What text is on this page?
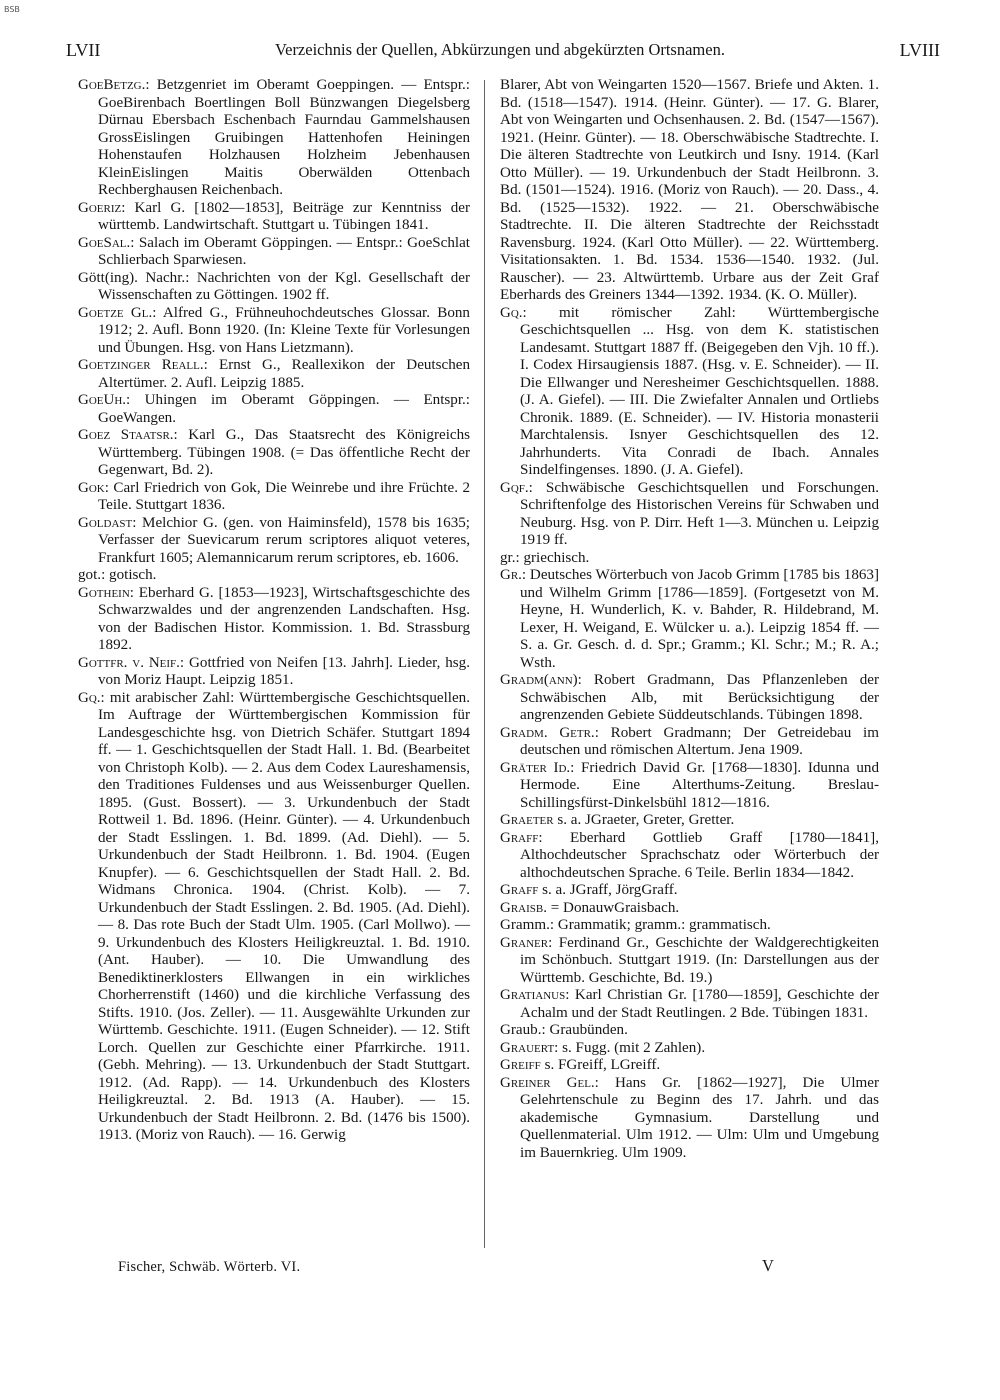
BSB
LVII	Verzeichnis der Quellen, Abkürzungen und abgekürzten Ortsnamen.	LVIII

GoeBetzg.: Betzgenriet im Oberamt Goeppingen. — Entspr.: GoeBirenbach Boertlingen Boll Bünzwangen Diegelsberg Dürnau Ebersbach Eschenbach Faurndau Gammelshausen GrossEislingen Gruibingen Hattenhofen Heiningen Hohenstaufen Holzhausen Holzheim Jebenhausen KleinEislingen Maitis Oberwälden Ottenbach Rechberghausen Reichenbach.

Goeriz: Karl G. [1802—1853], Beiträge zur Kenntniss der württemb. Landwirtschaft. Stuttgart u. Tübingen 1841.

GoeSal.: Salach im Oberamt Göppingen. — Entspr.: GoeSchlat Schlierbach Sparwiesen.

Gött(ing). Nachr.: Nachrichten von der Kgl. Gesellschaft der Wissenschaften zu Göttingen. 1902 ff.

Goetze Gl.: Alfred G., Frühneuhochdeutsches Glossar. Bonn 1912; 2. Aufl. Bonn 1920. (In: Kleine Texte für Vorlesungen und Übungen. Hsg. von Hans Lietzmann).

Goetzinger Reall.: Ernst G., Reallexikon der Deutschen Altertümer. 2. Aufl. Leipzig 1885.

GoeUh.: Uhingen im Oberamt Göppingen. — Entspr.: GoeWangen.

Goez Staatsr.: Karl G., Das Staatsrecht des Königreichs Württemberg. Tübingen 1908. (= Das öffentliche Recht der Gegenwart, Bd. 2).

Gok: Carl Friedrich von Gok, Die Weinrebe und ihre Früchte. 2 Teile. Stuttgart 1836.

Goldast: Melchior G. (gen. von Haiminsfeld), 1578 bis 1635; Verfasser der Suevicarum rerum scriptores aliquot veteres, Frankfurt 1605; Alemannicarum rerum scriptores, eb. 1606.

got.: gotisch.

Gothein: Eberhard G. [1853—1923], Wirtschaftsgeschichte des Schwarzwaldes und der angrenzenden Landschaften. Hsg. von der Badischen Histor. Kommission. 1. Bd. Strassburg 1892.

Gottfr. v. Neif.: Gottfried von Neifen [13. Jahrh]. Lieder, hsg. von Moriz Haupt. Leipzig 1851.

Gq.: mit arabischer Zahl: Württembergische Geschichtsquellen. Im Auftrage der Württembergischen Kommission für Landesgeschichte hsg. von Dietrich Schäfer. Stuttgart 1894 ff. — 1. Geschichtsquellen der Stadt Hall. 1. Bd. (Bearbeitet von Christoph Kolb). — 2. Aus dem Codex Laureshamensis, den Traditiones Fuldenses und aus Weissenburger Quellen. 1895. (Gust. Bossert). — 3. Urkundenbuch der Stadt Rottweil 1. Bd. 1896. (Heinr. Günter). — 4. Urkundenbuch der Stadt Esslingen. 1. Bd. 1899. (Ad. Diehl). — 5. Urkundenbuch der Stadt Heilbronn. 1. Bd. 1904. (Eugen Knupfer). — 6. Geschichtsquellen der Stadt Hall. 2. Bd. Widmans Chronica. 1904. (Christ. Kolb). — 7. Urkundenbuch der Stadt Esslingen. 2. Bd. 1905. (Ad. Diehl). — 8. Das rote Buch der Stadt Ulm. 1905. (Carl Mollwo). — 9. Urkundenbuch des Klosters Heiligkreuztal. 1. Bd. 1910. (Ant. Hauber). — 10. Die Umwandlung des Benediktinerklosters Ellwangen in ein wirkliches Chorherrenstift (1460) und die kirchliche Verfassung des Stifts. 1910. (Jos. Zeller). — 11. Ausgewählte Urkunden zur Württemb. Geschichte. 1911. (Eugen Schneider). — 12. Stift Lorch. Quellen zur Geschichte einer Pfarrkirche. 1911. (Gebh. Mehring). — 13. Urkundenbuch der Stadt Stuttgart. 1912. (Ad. Rapp). — 14. Urkundenbuch des Klosters Heiligkreuztal. 2. Bd. 1913 (A. Hauber). — 15. Urkundenbuch der Stadt Heilbronn. 2. Bd. (1476 bis 1500). 1913. (Moriz von Rauch). — 16. Gerwig

Blarer, Abt von Weingarten 1520—1567. Briefe und Akten. 1. Bd. (1518—1547). 1914. (Heinr. Günter). — 17. G. Blarer, Abt von Weingarten und Ochsenhausen. 2. Bd. (1547—1567). 1921. (Heinr. Günter). — 18. Oberschwäbische Stadtrechte. I. Die älteren Stadtrechte von Leutkirch und Isny. 1914. (Karl Otto Müller). — 19. Urkundenbuch der Stadt Heilbronn. 3. Bd. (1501—1524). 1916. (Moriz von Rauch). — 20. Dass., 4. Bd. (1525—1532). 1922. — 21. Oberschwäbische Stadtrechte. II. Die älteren Stadtrechte der Reichsstadt Ravensburg. 1924. (Karl Otto Müller). — 22. Württemberg. Visitationsakten. 1. Bd. 1534. 1536—1540. 1932. (Jul. Rauscher). — 23. Altwürttemb. Urbare aus der Zeit Graf Eberhards des Greiners 1344—1392. 1934. (K. O. Müller).

Gq.: mit römischer Zahl: Württembergische Geschichtsquellen ... Hsg. von dem K. statistischen Landesamt. Stuttgart 1887 ff. (Beigegeben den Vjh. 10 ff.). I. Codex Hirsaugiensis 1887. (Hsg. v. E. Schneider). — II. Die Ellwanger und Neresheimer Geschichtsquellen. 1888. (J. A. Giefel). — III. Die Zwiefalter Annalen und Ortliebs Chronik. 1889. (E. Schneider). — IV. Historia monasterii Marchtalensis. Isnyer Geschichtsquellen des 12. Jahrhunderts. Vita Conradi de Ibach. Annales Sindelfingenses. 1890. (J. A. Giefel).

Gqf.: Schwäbische Geschichtsquellen und Forschungen. Schriftenfolge des Historischen Vereins für Schwaben und Neuburg. Hsg. von P. Dirr. Heft 1—3. München u. Leipzig 1919 ff.

gr.: griechisch.

Gr.: Deutsches Wörterbuch von Jacob Grimm [1785 bis 1863] und Wilhelm Grimm [1786—1859]. (Fortgesetzt von M. Heyne, H. Wunderlich, K. v. Bahder, R. Hildebrand, M. Lexer, H. Weigand, E. Wülcker u. a.). Leipzig 1854 ff. — S. a. Gr. Gesch. d. d. Spr.; Gramm.; Kl. Schr.; M.; R. A.; Wsth.

Gradm(ann): Robert Gradmann, Das Pflanzenleben der Schwäbischen Alb, mit Berücksichtigung der angrenzenden Gebiete Süddeutschlands. Tübingen 1898.

Gradm. Getr.: Robert Gradmann; Der Getreidebau im deutschen und römischen Altertum. Jena 1909.

Gräter Id.: Friedrich David Gr. [1768—1830]. Idunna und Hermode. Eine Alterthums-Zeitung. Breslau-Schillingsfürst-Dinkelsbühl 1812—1816.

Graeter s. a. JGraeter, Greter, Gretter.

Graff: Eberhard Gottlieb Graff [1780—1841], Althochdeutscher Sprachschatz oder Wörterbuch der althochdeutschen Sprache. 6 Teile. Berlin 1834—1842.

Graff s. a. JGraff, JörgGraff.

Graisb. = DonauwGraisbach.

Gramm.: Grammatik; gramm.: grammatisch.

Graner: Ferdinand Gr., Geschichte der Waldgerechtigkeiten im Schönbuch. Stuttgart 1919. (In: Darstellungen aus der Württemb. Geschichte, Bd. 19.)

Gratianus: Karl Christian Gr. [1780—1859], Geschichte der Achalm und der Stadt Reutlingen. 2 Bde. Tübingen 1831.

Graub.: Graubünden.

Grauert: s. Fugg. (mit 2 Zahlen).

Greiff s. FGreiff, LGreiff.

Greiner Gel.: Hans Gr. [1862—1927], Die Ulmer Gelehrtenschule zu Beginn des 17. Jahrh. und das akademische Gymnasium. Darstellung und Quellenmaterial. Ulm 1912. — Ulm: Ulm und Umgebung im Bauernkrieg. Ulm 1909.

Fischer, Schwäb. Wörterb. VI.	V
